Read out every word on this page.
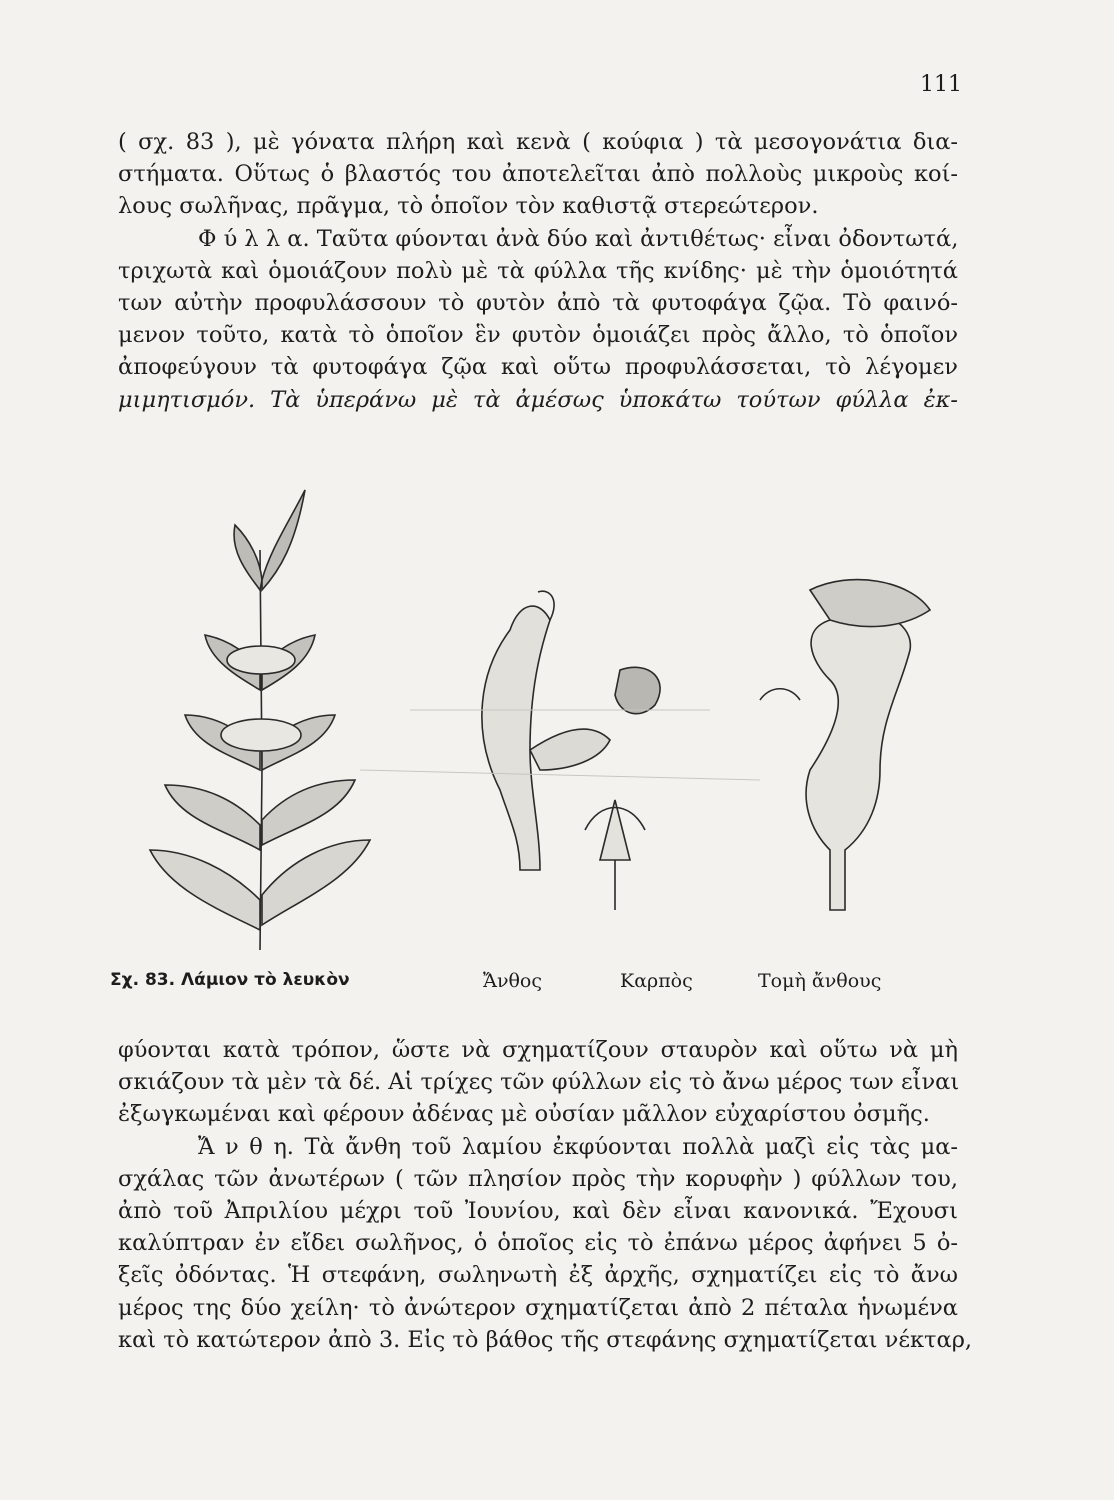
111
( σχ. 83 ), μὲ γόνατα πλήρη καὶ κενὰ ( κούφια ) τὰ μεσογονάτια δια-
στήματα. Οὕτως ὁ βλαστός του ἀποτελεῖται ἀπὸ πολλοὺς μικροὺς κοί-
λους σωλῆνας, πρᾶγμα, τὸ ὁποῖον τὸν καθιστᾷ στερεώτερον.
Φ ύ λ λ α. Ταῦτα φύονται ἀνὰ δύο καὶ ἀντιθέτως· εἶναι ὀδοντωτά,
τριχωτὰ καὶ ὁμοιάζουν πολὺ μὲ τὰ φύλλα τῆς κνίδης· μὲ τὴν ὁμοιότητά
των αὐτὴν προφυλάσσουν τὸ φυτὸν ἀπὸ τὰ φυτοφάγα ζῷα. Τὸ φαινό-
μενον τοῦτο, κατὰ τὸ ὁποῖον ἓν φυτὸν ὁμοιάζει πρὸς ἄλλο, τὸ ὁποῖον
ἀποφεύγουν τὰ φυτοφάγα ζῷα καὶ οὕτω προφυλάσσεται, τὸ λέγομεν
μιμητισμόν. Τὰ ὑπεράνω μὲ τὰ ἀμέσως ὑποκάτω τούτων φύλλα ἐκ-
Σχ. 83. Λάμιον τὸ λευκὸν	Ἄνθος	Καρπὸς	Τομὴ ἄνθους
φύονται κατὰ τρόπον, ὥστε νὰ σχηματίζουν σταυρὸν καὶ οὕτω νὰ μὴ
σκιάζουν τὰ μὲν τὰ δέ. Αἱ τρίχες τῶν φύλλων εἰς τὸ ἄνω μέρος των εἶναι
ἐξωγκωμέναι καὶ φέρουν ἀδένας μὲ οὐσίαν μᾶλλον εὐχαρίστου ὀσμῆς.
Ἄ ν θ η. Τὰ ἄνθη τοῦ λαμίου ἐκφύονται πολλὰ μαζὶ εἰς τὰς μα-
σχάλας τῶν ἀνωτέρων ( τῶν πλησίον πρὸς τὴν κορυφὴν ) φύλλων του,
ἀπὸ τοῦ Ἀπριλίου μέχρι τοῦ Ἰουνίου, καὶ δὲν εἶναι κανονικά. Ἔχουσι
καλύπτραν ἐν εἴδει σωλῆνος, ὁ ὁποῖος εἰς τὸ ἐπάνω μέρος ἀφήνει 5 ὀ-
ξεῖς ὀδόντας. Ἡ στεφάνη, σωληνωτὴ ἐξ ἀρχῆς, σχηματίζει εἰς τὸ ἄνω
μέρος της δύο χείλη· τὸ ἀνώτερον σχηματίζεται ἀπὸ 2 πέταλα ἡνωμένα
καὶ τὸ κατώτερον ἀπὸ 3. Εἰς τὸ βάθος τῆς στεφάνης σχηματίζεται νέκταρ,
